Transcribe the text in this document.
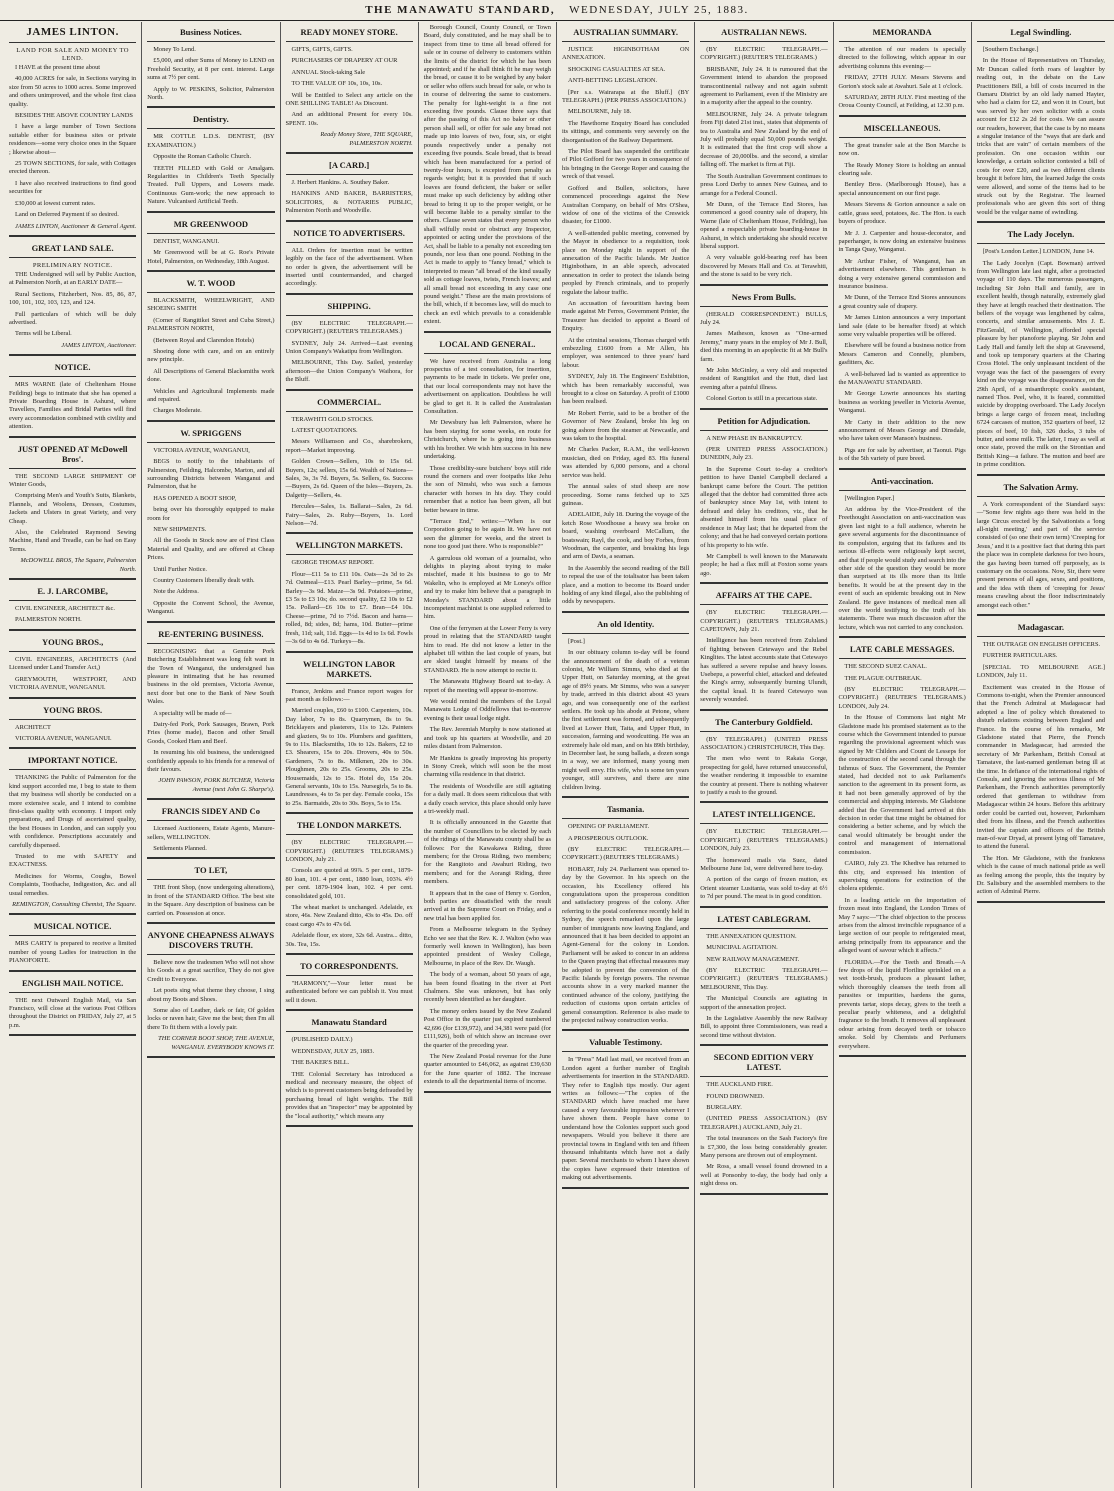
THE MANAWATU STANDARD, WEDNESDAY, JULY 25, 1883.
JAMES LINTON.
LAND FOR SALE AND MONEY TO LEND.

I HAVE at the present time about

40,000 ACRES for sale, in Sections varying in size from 50 acres to 1000 acres. Some improved and others unimproved, and the whole first class quality.

BESIDES THE ABOVE COUNTRY LANDS

I have a large number of Town Sections suitable either for business sites or private residences—some very choice ones in the Square ; likewise about—

25 TOWN SECTIONS, for sale, with Cottages erected thereon.

I have also received instructions to find good securities for

£30,000 at lowest current rates.

Land on Deferred Payment if so desired.

JAMES LINTON, Auctioneer & General Agent.
GREAT LAND SALE.
PRELIMINARY NOTICE.

THE Undersigned will sell by Public Auction, at Palmerston North, at an EARLY DATE—

Rural Sections, Fitzherbert, Nos. 85, 86, 87, 100, 101, 102, 103, 123, and 124.

Full particulars of which will be duly advertised.

Terms will be Liberal.

JAMES LINTON, Auctioneer.
NOTICE.

MRS WARNE (late of Cheltenham House Feilding) begs to intimate that she has opened a Private Boarding House in Ashurst, where Travellers, Families and Bridal Parties will find every accommodation combined with civility and attention.

JUST OPENED AT McDowell Bros'.

THE SECOND LARGE SHIPMENT OF Winter Goods,

Comprising Men's and Youth's Suits, Blankets, Flannels, and Woolens, Dresses, Costumes, Jackets and Ulsters in great Variety, and very Cheap.

Also, the Celebrated Raymond Sewing Machine, Hand and Treadle, can be had on Easy Terms.

McDOWELL BROS, The Square, Palmerston North.
E. J. LARCOMBE,

CIVIL ENGINEER, ARCHITECT &c.

PALMERSTON NORTH.

YOUNG BROS.,

CIVIL ENGINEERS, ARCHITECTS (And Licensed under Land Transfer Act,)

GREYMOUTH, WESTPORT, AND VICTORIA AVENUE, WANGANUI.

YOUNG BROS.

ARCHITECT

VICTORIA AVENUE, WANGANUI.

IMPORTANT NOTICE.

THANKING the Public of Palmerston for the kind support accorded me, I beg to state to them that my business will shortly be conducted on a more extensive scale, and I intend to combine first-class quality with economy. I import only preparations, and Drugs of ascertained quality, the best Houses in London, and can supply you with confidence. Prescriptions accurately and carefully dispensed.

Trusted to me with SAFETY and EXACTNESS.

Medicines for Worms, Coughs, Bowel Complaints, Toothache, Indigestion, &c. and all usual remedies.

REMINGTON, Consulting Chemist, The Square.
MUSICAL NOTICE.

MRS CARTY is prepared to receive a limited number of young Ladies for instruction in the PIANOFORTE.

ENGLISH MAIL NOTICE.

THE next Outward English Mail, via San Francisco, will close at the various Post Offices throughout the District on FRIDAY, July 27, at 5 p.m.

Business Notices.

Money To Lend.

£5,000, and other Sums of Money to LEND on Freehold Security, at 8 per cent. interest. Large sums at 7½ per cent.

Apply to W. PESKINS, Solicitor, Palmerston North.

Dentistry.

MR COTTLE L.D.S. DENTIST, (BY EXAMINATION.)

Opposite the Roman Catholic Church.

TEETH FILLED with Gold or Amalgam. Regularities in Children's Teeth Specially Treated. Full Uppers, and Lowers made. Continuous Gum-work; the new approach to Nature. Vulcanised Artificial Teeth.

MR GREENWOOD

DENTIST, WANGANUI.

Mr Greenwood will be at G. Roe's Private Hotel, Palmerston, on Wednesday, 18th August.

W. T. WOOD

BLACKSMITH, WHEELWRIGHT, AND SHOEING SMITH

(Corner of Rangitikei Street and Cuba Street,) PALMERSTON NORTH,

(Between Royal and Clarendon Hotels)

Shoeing done with care, and on an entirely new principle.

All Descriptions of General Blacksmiths work done.

Vehicles and Agricultural Implements made and repaired.

Charges Moderate.

W. SPRIGGENS

VICTORIA AVENUE, WANGANUI,

BEGS to notify to the inhabitants of Palmerston, Feilding, Halcombe, Marton, and all surrounding Districts between Wanganui and Palmerston, that he

HAS OPENED A BOOT SHOP,

being over his thoroughly equipped to make room for

NEW SHIPMENTS.

All the Goods in Stock now are of First Class Material and Quality, and are offered at Cheap Prices.

Until Further Notice.

Country Customers liberally dealt with.

Note the Address.

Opposite the Convent School, the Avenue, Wanganui.

RE-ENTERING BUSINESS.

RECOGNISING that a Genuine Pork Butchering Establishment was long felt want in the Town of Wanganui, the undersigned has pleasure in intimating that he has resumed business in the old premises, Victoria Avenue, next door but one to the Bank of New South Wales.

A speciality will be made of—

Dairy-fed Pork, Pork Sausages, Brawn, Pork Fries (home made), Bacon and other Small Goods, Cooked Ham and Beef.

In resuming his old business, the undersigned confidently appeals to his friends for a renewal of their favours.

JOHN PAWSON, PORK BUTCHER, Victoria Avenue (next John G. Sharpe's).
FRANCIS SIDEY AND Co

Licensed Auctioneers, Estate Agents, Manure-sellers, WELLINGTON.

Settlements Planned.

TO LET,

THE front Shop, (now undergoing alterations), in front of the STANDARD Office. The best site in the Square. Any description of business can be carried on. Possession at once.

ANYONE CHEAPNESS ALWAYS DISCOVERS TRUTH.

Believe now the tradesmen Who will not show his Goods at a great sacrifice, They do not give Credit to Everyone.

Let poets sing what theme they choose, I sing about my Boots and Shoes.

Some also of Leather, dark or fair, Of golden locks or raven hair, Give me the best; then I'm all there To fit them with a lovely pair.

THE CORNER BOOT SHOP, THE AVENUE, WANGANUI. EVERYBODY KNOWS IT.
READY MONEY STORE.

GIFTS, GIFTS, GIFTS.

PURCHASERS OF DRAPERY AT OUR

ANNUAL Stock-taking Sale

TO THE VALUE OF 10s, 10s, 10s.

Will be Entitled to Select any article on the ONE SHILLING TABLE! As Discount.

And an additional Present for every 10s. SPENT. 10s.

Ready Money Store, THE SQUARE, PALMERSTON NORTH.
[A CARD.]

J. Herbert Hankins. A. Southey Baker.

HANKINS AND BAKER, BARRISTERS, SOLICITORS, & NOTARIES PUBLIC, Palmerston North and Woodville.

NOTICE TO ADVERTISERS.

ALL Orders for insertion must be written legibly on the face of the advertisement. When no order is given, the advertisement will be inserted until countermanded, and charged accordingly.

SHIPPING.

(BY ELECTRIC TELEGRAPH.—COPYRIGHT.) (REUTER'S TELEGRAMS.)

SYDNEY, July 24. Arrived—Last evening Union Company's Wakatipu from Wellington.

MELBOURNE, This Day. Sailed, yesterday afternoon—the Union Company's Waihora, for the Bluff.

COMMERCIAL.

TERAWHITI GOLD STOCKS.

LATEST QUOTATIONS.

Messrs Williamson and Co., sharebrokers, report—Market improving.

Golden Crown—Sellers, 10s to 15s 6d. Buyers, 12s; sellers, 15s 6d. Wealth of Nations—Sales, 3s, 3s 7d. Buyers, 5s. Sellers, 6s. Success—Buyers, 2s 6d. Queen of the Isles—Buyers, 2s. Dalgetty—Sellers, 4s.

Hercules—Sales, 1s. Ballarat—Sales, 2s 6d. Fairy—Sales, 2s. Ruby—Buyers, 1s. Lord Nelson—7d.

WELLINGTON MARKETS.

GEORGE THOMAS' REPORT.

Flour—£11 5s to £11 10s. Oats—2s 3d to 2s 7d. Oatmeal—£13. Pearl Barley—prime, 5s 6d. Barley—3s 9d. Maize—3s 9d. Potatoes—prime, £3 5s to £3 10s; do. second quality, £2 10s to £2 15s. Pollard—£6 10s to £7. Bran—£4 10s. Cheese—prime, 7d to 7½d. Bacon and hams—rolled, 8d; sides, 8d; hams, 10d. Butter—prime fresh, 11d; salt, 11d. Eggs—1s 4d to 1s 6d. Fowls—3s 6d to 4s 6d. Turkeys—8s.

WELLINGTON LABOR MARKETS.

France, Jenkins and France report wages for past month as follows:—

Married couples, £60 to £100. Carpenters, 10s. Day labor, 7s to 8s. Quarrymen, 8s to 9s. Bricklayers and plasterers, 11s to 12s. Painters and glaziers, 9s to 10s. Plumbers and gasfitters, 9s to 11s. Blacksmiths, 10s to 12s. Bakers, £2 to £3. Shearers, 15s to 20s. Drovers, 40s to 50s. Gardeners, 7s to 8s. Milkmen, 20s to 30s. Ploughmen, 20s to 25s. Grooms, 20s to 25s. Housemaids, 12s to 15s. Hotel do, 15s 20s. General servants, 10s to 15s. Nursegirls, 5s to 8s. Laundresses, 4s to 5s per day. Female cooks, 15s to 25s. Barmaids, 20s to 30s. Boys, 5s to 15s.

THE LONDON MARKETS.

(BY ELECTRIC TELEGRAPH.—COPYRIGHT.) (REUTER'S TELEGRAMS.) LONDON, July 21.

Consols are quoted at 99⅞. 5 per cent., 1879-80 loan, 101. 4 per cent., 1880 loan, 103⅝. 4½ per cent. 1879-1904 loan, 102. 4 per cent. consolidated gold, 101.

The wheat market is unchanged. Adelaide, ex store, 46s. New Zealand ditto, 43s to 45s. Do. off coast cargo 47s to 47s 6d.

Adelaide flour, ex store, 32s 6d. Austra... ditto, 30s. Tea, 15s.

TO CORRESPONDENTS.

"HARMONY,"—Your letter must be authenticated before we can publish it. You must sell it down.

Manawatu Standard

(PUBLISHED DAILY.)

WEDNESDAY, JULY 25, 1883.

THE BAKER'S BILL.

THE Colonial Secretary has introduced a medical and necessary measure, the object of which is to prevent customers being defrauded by purchasing bread of light weights. The Bill provides that an "inspector" may be appointed by the "local authority," which means any

Borough Council, County Council, or Town Board, duly constituted, and he may shall be to inspect from time to time all bread offered for sale or in course of delivery to customers within the limits of the district for which he has been appointed; and if he shall think fit he may weigh the bread, or cause it to be weighed by any baker or seller who offers such bread for sale, or who is in course of delivering the same to customers. The penalty for light-weight is a fine not exceeding five pounds. Clause three says that after the passing of this Act no baker or other person shall sell, or offer for sale any bread not made up into loaves of two, four, six, or eight pounds respectively under a penalty not exceeding five pounds. Scale bread, that is bread which has been manufactured for a period of twenty-four hours, is excepted from penalty as regards weight; but it is provided that if such loaves are found deficient, the baker or seller must make up such deficiency by adding other bread to bring it up to the proper weight, or he will become liable to a penalty similar to the others. Clause seven states that every person who shall wilfully resist or obstruct any Inspector, appointed or acting under the provisions of the Act, shall be liable to a penalty not exceeding ten pounds, nor less than one pound. Nothing in the Act is made to apply to "fancy bread," which is interpreted to mean "all bread of the kind usually sold as cottage loaves, twists, French loaves; and all small bread not exceeding in any case one pound weight." These are the main provisions of the bill, which, if it becomes law, will do much to check an evil which prevails to a considerable extent.

LOCAL AND GENERAL.

We have received from Australia a long prospectus of a test consultation, for insertion, payments to be made in tickets. We prefer one, that our local correspondents may not have the advertisement on application. Doubtless he will be glad to get it. It is called the Australasian Consultation.

Mr Dewsbury has left Palmerston, where he has been staying for some weeks, en route for Christchurch, where he is going into business with his brother. We wish him success in his new undertaking.

Those credibility-sure butchers' boys still ride round the corners and over footpaths like Jehu the son of Nimshi, who was such a famous character with horses in his day. They could remember that a notice has been given, all but better beware in time.

"Terrace End," writes:—"When is our Corporation going to be again lit. We have not seen the glimmer for weeks, and the street is none too good just there. Who is responsible?"

A garrulous old woman of a journalist, who delights in playing about trying to make mischief, made it his business to go to Mr Wakelin, who is employed at Mr Loney's office and try to make him believe that a paragraph in Monday's STANDARD about a little incompetent machinist is one supplied referred to him.

One of the ferrymen at the Lower Ferry is very proud in relating that the STANDARD taught him to read. He did not know a letter in the alphabet till within the last couple of years, but are skied taught himself by means of the STANDARD. He is now attempt to recite it.

The Manawatu Highway Board sat to-day. A report of the meeting will appear to-morrow.

We would remind the members of the Loyal Manawatu Lodge of Oddfellows that to-morrow evening is their usual lodge night.

The Rev. Jeremiah Murphy is now stationed at and took up his quarters at Woodville, and 20 miles distant from Palmerston.

Mr Hankins is greatly improving his property in Stony Creek, which will soon be the most charming villa residence in that district.

The residents of Woodville are still agitating for a daily mail. It does seem ridiculous that with a daily coach service, this place should only have a tri-weekly mail.

It is officially announced in the Gazette that the number of Councillors to be elected by each of the ridings of the Manawatu county shall be as follows: For the Kawakawa Riding, three members; for the Oroua Riding, two members; for the Rangitoto and Awahuri Riding, two members; and for the Aorangi Riding, three members.

It appears that in the case of Henry v. Gordon, both parties are dissatisfied with the result arrived at in the Supreme Court on Friday, and a new trial has been applied for.

From a Melbourne telegram in the Sydney Echo we see that the Rev. K. J. Walton (who was formerly well known in Wellington), has been appointed president of Wesley College, Melbourne, in place of the Rev. Dr. Waugh.

The body of a woman, about 50 years of age, has been found floating in the river at Port Chalmers. She was unknown, but has only recently been identified as her daughter.

The money orders issued by the New Zealand Post Office in the quarter just expired numbered 42,696 (for £139,972), and 34,381 were paid (for £111,926), both of which show an increase over the quarter of the preceding year.

The New Zealand Postal revenue for the June quarter amounted to £46,062, as against £39,630 for the June quarter of 1882. The increase extends to all the departmental items of income.

AUSTRALIAN SUMMARY.

JUSTICE HIGINBOTHAM ON ANNEXATION.

SHOCKING CASUALTIES AT SEA.

ANTI-BETTING LEGISLATION.

[Per s.s. Wairarapa at the Bluff.] (BY TELEGRAPH.) (PER PRESS ASSOCIATION.)

MELBOURNE, July 18.

The Hawthorne Enquiry Board has concluded its sittings, and comments very severely on the disorganisation of the Railway Department.

The Pilot Board has suspended the certificate of Pilot Gofford for two years in consequence of his bringing in the George Roper and causing the wreck of that vessel.

Gofford and Bullen, solicitors, have commenced proceedings against the New Australian Company, on behalf of Mrs O'Shea, widow of one of the victims of the Creswick disaster, for £1000.

A well-attended public meeting, convened by the Mayor in obedience to a requisition, took place on Monday night in support of the annexation of the Pacific Islands. Mr Justice Higinbotham, in an able speech, advocated annexation in order to protect the islands being peopled by French criminals, and to properly regulate the labour traffic.

An accusation of favouritism having been made against Mr Ferres, Government Printer, the Treasurer has decided to appoint a Board of Enquiry.

At the criminal sessions, Thomas charged with embezzling £1600 from a Mr Allen, his employer, was sentenced to three years' hard labour.

SYDNEY, July 18. The Engineers' Exhibition, which has been remarkably successful, was brought to a close on Saturday. A profit of £1000 has been realised.

Mr Robert Ferrie, said to be a brother of the Governor of New Zealand, broke his leg on going ashore from the steamer at Newcastle, and was taken to the hospital.

Mr Charles Packer, R.A.M., the well-known musician, died on Friday, aged 83. His funeral was attended by 6,000 persons, and a choral service was held.

The annual sales of stud sheep are now proceeding. Some rams fetched up to 325 guineas.

ADELAIDE, July 18. During the voyage of the ketch Rose Woodhouse a heavy sea broke on board, washing overboard McCallum, the boatswain; Rayl, the cook, and boy Forbes, from Woodman, the carpenter, and breaking his legs and arm of Davis, a seaman.

In the Assembly the second reading of the Bill to repeal the use of the totalisator has been taken place, and a motion to become its Board under holding of any kind illegal, also the publishing of odds by newspapers.

An old Identity.

[Post.]

In our obituary column to-day will be found the announcement of the death of a veteran colonist, Mr William Simms, who died at the Upper Hutt, on Saturday morning, at the great age of 89½ years. Mr Simms, who was a sawyer by trade, arrived in this district about 43 years ago, and was consequently one of the earliest settlers. He took up his abode at Petone, where the first settlement was formed, and subsequently lived at Lower Hutt, Taita, and Upper Hutt, in succession, farming and woodcutting. He was an extremely hale old man, and on his 89th birthday, in December last, he sung ballads, a dozen songs in a way, we are informed, many young men might well envy. His wife, who is some ten years younger, still survives, and there are nine children living.

Tasmania.

OPENING OF PARLIAMENT.

A PROSPEROUS OUTLOOK.

(BY ELECTRIC TELEGRAPH.—COPYRIGHT.) (REUTER'S TELEGRAMS.)

HOBART, July 24. Parliament was opened to-day by the Governor. In his speech on the occasion, his Excellency offered his congratulations upon the prosperous condition and satisfactory progress of the colony. After referring to the postal conference recently held in Sydney, the speech remarked upon the large number of immigrants now leaving England, and announced that it has been decided to appoint an Agent-General for the colony in London. Parliament will be asked to concur in an address to the Queen praying that effectual measures may be adopted to prevent the conversion of the Pacific Islands by foreign powers. The revenue accounts show in a very marked manner the continued advance of the colony, justifying the reduction of customs upon certain articles of general consumption. Reference is also made to the projected railway construction works.

Valuable Testimony.

In "Press" Mail last mail, we received from an London agent a further number of English advertisements for insertion in the STANDARD. They refer to English tips mostly. Our agent writes as follows:—"The copies of the STANDARD which have reached me have caused a very favourable impression wherever I have shown them. People have come to understand how the Colonies support such good newspapers. Would you believe it there are provincial towns in England with ten and fifteen thousand inhabitants which have not a daily paper. Several merchants to whom I have shown the copies have expressed their intention of making out advertisements.

AUSTRALIAN NEWS.

(BY ELECTRIC TELEGRAPH.—COPYRIGHT.) (REUTER'S TELEGRAMS.)

BRISBANE, July 24. It is rumoured that the Government intend to abandon the proposed transcontinental railway and not again submit agreement to Parliament, even if the Ministry are in a majority after the appeal to the country.

MELBOURNE, July 24. A private telegram from Fiji dated 21st inst., states that shipments of tea to Australia and New Zealand by the end of July will probably equal 50,000 pounds weight. It is estimated that the first crop will show a decrease of 20,000lbs. and the second, a similar falling off. The market is firm at Fiji.

The South Australian Government continues to press Lord Derby to annex New Guinea, and to arrange for a Federal Council.

Mr Dunn, of the Terrace End Stores, has commenced a good country sale of drapery, his Warne (late of Cheltenham House, Feilding), has opened a respectable private boarding-house in Ashurst, in which undertaking she should receive liberal support.

A very valuable gold-bearing reef has been discovered by Messrs Hall and Co. at Terawhiti, and the stone is said to be very rich.

News From Bulls.

(HERALD CORRESPONDENT.) BULLS, July 24.

James Matheson, known as "One-armed Jeremy," many years in the employ of Mr J. Bull, died this morning in an apoplectic fit at Mr Bull's farm.

Mr John McGinley, a very old and respected resident of Rangitikei and the Hutt, died last evening after a painful illness.

Colonel Gorton is still in a precarious state.

Petition for Adjudication.

A NEW PHASE IN BANKRUPTCY.

(PER UNITED PRESS ASSOCIATION.) DUNEDIN, July 23.

In the Supreme Court to-day a creditor's petition to have Daniel Campbell declared a bankrupt came before the Court. The petition alleged that the debtor had committed three acts of bankruptcy since May 1st, with intent to defraud and delay his creditors, viz., that he absented himself from his usual place of residence in May last; that he departed from the colony; and that he had conveyed certain portions of his property to his wife.

Mr Campbell is well known to the Manawatu people; he had a flax mill at Foxton some years ago.

AFFAIRS AT THE CAPE.

(BY ELECTRIC TELEGRAPH.—COPYRIGHT.) (REUTER'S TELEGRAMS.) CAPETOWN, July 21.

Intelligence has been received from Zululand of fighting between Cetewayo and the Rebel Kinglites. The latest accounts state that Cetewayo has suffered a severe repulse and heavy losses. Usebepu, a powerful chief, attacked and defeated the King's army, subsequently burning Ulundi, the capital kraal. It is feared Cetewayo was severely wounded.

The Canterbury Goldfield.

(BY TELEGRAPH.) (UNITED PRESS ASSOCIATION.) CHRISTCHURCH, This Day.

The men who went to Rakaia Gorge, prospecting for gold, have returned unsuccessful, the weather rendering it impossible to examine the country at present. There is nothing whatever to justify a rush to the ground.

LATEST INTELLIGENCE.

(BY ELECTRIC TELEGRAPH.—COPYRIGHT.) (REUTER'S TELEGRAMS.) LONDON, July 23.

The homeward mails via Suez, dated Melbourne June 1st, were delivered here to-day.

A portion of the cargo of frozen mutton, ex Orient steamer Lusitania, was sold to-day at 6½ to 7d per pound. The meat is in good condition.

LATEST CABLEGRAM.

THE ANNEXATION QUESTION.

MUNICIPAL AGITATION.

NEW RAILWAY MANAGEMENT.

(BY ELECTRIC TELEGRAPH.—COPYRIGHT.) (REUTER'S TELEGRAMS.) MELBOURNE, This Day.

The Municipal Councils are agitating in support of the annexation project.

In the Legislative Assembly the new Railway Bill, to appoint three Commissioners, was read a second time without division.

SECOND EDITION VERY LATEST.

THE AUCKLAND FIRE.

FOUND DROWNED.

BURGLARY.

(UNITED PRESS ASSOCIATION.) (BY TELEGRAPH.) AUCKLAND, July 21.

The total insurances on the Sash Factory's fire is £7,300, the loss being considerably greater. Many persons are thrown out of employment.

Mr Ross, a small vessel found drowned in a well at Ponsonby to-day, the body had only a night dress on.

MEMORANDA

The attention of our readers is specially directed to the following, which appear in our advertising columns this evening:—

FRIDAY, 27TH JULY. Messrs Stevens and Gorton's stock sale at Awahuri. Sale at 1 o'clock.

SATURDAY, 28TH JULY. First meeting of the Oroua County Council, at Feilding, at 12.30 p.m.

MISCELLANEOUS.

The great transfer sale at the Bon Marche is now on.

The Ready Money Store is holding an annual clearing sale.

Bentley Bros. (Marlborough House), has a special announcement on our first page.

Messrs Stevens & Gorton announce a sale on cattle, grass seed, potatoes, &c. The Hon. is each buyers of produce.

Mr J. J. Carpenter and house-decorator, and paperhanger, is now doing an extensive business in Tanga Quay, Wanganui.

Mr Arthur Fisher, of Wanganui, has an advertisement elsewhere. This gentleman is doing a very extensive general commission and insurance business.

Mr Dunn, of the Terrace End Stores announces a great country sale of drapery.

Mr James Linton announces a very important land sale (date to be hereafter fixed) at which some very valuable properties will be offered.

Elsewhere will be found a business notice from Messrs Cameron and Connelly, plumbers, gasfitters, &c.

A well-behaved lad is wanted as apprentice to the MANAWATU STANDARD.

Mr George Lowrie announces his starting business as working jeweller in Victoria Avenue, Wanganui.

Mr Carty in their addition to the new announcement of Messrs George and Dinsdale, who have taken over Manson's business.

Pigs are for sale by advertiser, at Taonui. Pigs is of the 5th variety of pure breed.

Anti-vaccination.

[Wellington Paper.]

An address by the Vice-President of the Freethought Association on anti-vaccination was given last night to a full audience, wherein he gave several arguments for the discontinuance of its compulsion, arguing that its failures and its serious ill-effects were religiously kept secret, and that if people would study and search into the other side of the question they would be more than surprised at its ills more than its little benefits. It would be at the present day in the event of such an epidemic breaking out in New Zealand. He gave instances of medical men all over the world testifying to the truth of his statements. There was much discussion after the lecture, which was not carried to any conclusion.

LATE CABLE MESSAGES.

THE SECOND SUEZ CANAL.

THE PLAGUE OUTBREAK.

(BY ELECTRIC TELEGRAPH.—COPYRIGHT.) (REUTER'S TELEGRAMS.) LONDON, July 24.

In the House of Commons last night Mr Gladstone made his promised statement as to the course which the Government intended to pursue regarding the provisional agreement which was signed by Mr Childers and Count de Lesseps for the construction of the second canal through the Isthmus of Suez. The Government, the Premier stated, had decided not to ask Parliament's sanction to the agreement in its present form, as it had not been generally approved of by the commercial and shipping interests. Mr Gladstone added that the Government had arrived at this decision in order that time might be obtained for considering a better scheme, and by which the canal would ultimately be brought under the control and management of international commission.

CAIRO, July 23. The Khedive has returned to this city, and expressed his intention of supervising operations for extinction of the cholera epidemic.

In a leading article on the importation of frozen meat into England, the London Times of May 7 says:—"The chief objection to the process arises from the almost invincible repugnance of a large section of our people to refrigerated meat, arising principally from its appearance and the alleged want of savour which it affects."

FLORIDA.—For the Teeth and Breath.—A few drops of the liquid Floriline sprinkled on a wet tooth-brush, produces a pleasant lather, which thoroughly cleanses the teeth from all parasites or impurities, hardens the gums, prevents tartar, stops decay, gives to the teeth a peculiar pearly whiteness, and a delightful fragrance to the breath. It removes all unpleasant odour arising from decayed teeth or tobacco smoke. Sold by Chemists and Perfumers everywhere.

Legal Swindling.

[Southern Exchange.]

In the House of Representatives on Thursday, Mr Duncan called forth roars of laughter by reading out, in the debate on the Law Practitioners Bill, a bill of costs incurred in the Oamaru District by an old lady named Hayter, who had a claim for £2, and won it in Court, but was served by her own solicitor with a costs account for £12 2s 2d for costs. We can assure our readers, however, that the case is by no means a singular instance of the "ways that are dark and tricks that are vain" of certain members of the profession. On one occasion within our knowledge, a certain solicitor contested a bill of costs for over £20, and as two different clients brought it before him, the learned Judge the costs were allowed, and some of the items had to be struck out by the Registrar. The learned professionals who are given this sort of thing would be the vulgar name of swindling.

The Lady Jocelyn.

[Post's London Letter.] LONDON, June 14.

The Lady Jocelyn (Capt. Bowman) arrived from Wellington late last night, after a protracted voyage of 110 days. The numerous passengers, including Sir John Hall and family, are in excellent health, though naturally, extremely glad they have at length reached their destination. The bellers of the voyage was lengthened by calms, concerts, and similar amusements. Mrs J. E. FitzGerald, of Wellington, afforded special pleasure by her pianoforte playing. Sir John and Lady Hall and family left the ship at Gravesend, and took up temporary quarters at the Charing Cross Hotel. The only unpleasant incident of the voyage was the fact of the passengers of every kind on the voyage was the disappearance, on the 29th April, of a misanthropic cook's assistant, named Thos. Peel, who, it is feared, committed suicide by dropping overboard. The Lady Jocelyn brings a large cargo of frozen meat, including 6724 carcases of mutton, 352 quarters of beef, 12 pieces of beef, 10 fish, 326 ducks, 3 tubs of butter, and some milk. The latter, I may as well at once state, proved the milk on the Strontian and British King—a failure. The mutton and beef are in prime condition.

The Salvation Army.

A York correspondent of the Standard says:—"Some few nights ago there was held in the large Circus erected by the Salvationists a 'long all-night meeting,' and part of the service consisted of (so one their own term) 'Creeping for Jesus,' and it is a positive fact that during this part the place was in complete darkness for two hours, the gas having been turned off purposely, as is customary on the occasions. Now, Sir, there were present persons of all ages, sexes, and positions, and the idea with them of 'creeping for Jesus' means crawling about the floor indiscriminately amongst each other."

Madagascar.

THE OUTRAGE ON ENGLISH OFFICERS.

FURTHER PARTICULARS.

[SPECIAL TO MELBOURNE AGE.] LONDON, July 11.

Excitement was created in the House of Commons to-night, when the Premier announced that the French Admiral at Madagascar had adopted a line of policy which threatened to disturb relations existing between England and France. In the course of his remarks, Mr Gladstone stated that Pierre, the French commander in Madagascar, had arrested the secretary of Mr Parkenham, British Consul at Tamatave, the last-named gentleman being ill at the time. In defiance of the international rights of Consuls, and ignoring the serious illness of Mr Parkenham, the French authorities peremptorily ordered that gentleman to withdraw from Madagascar within 24 hours. Before this arbitrary order could be carried out, however, Parkenham died from his illness, and the French authorities invited the captain and officers of the British man-of-war Dryad, at present lying off Tamatave, to attend the funeral.

The Hon. Mr Gladstone, with the frankness which is the cause of much national pride as well as feeling among the people, this the inquiry by Dr. Salisbury and the assembled members to the action of Admiral Pierre.
